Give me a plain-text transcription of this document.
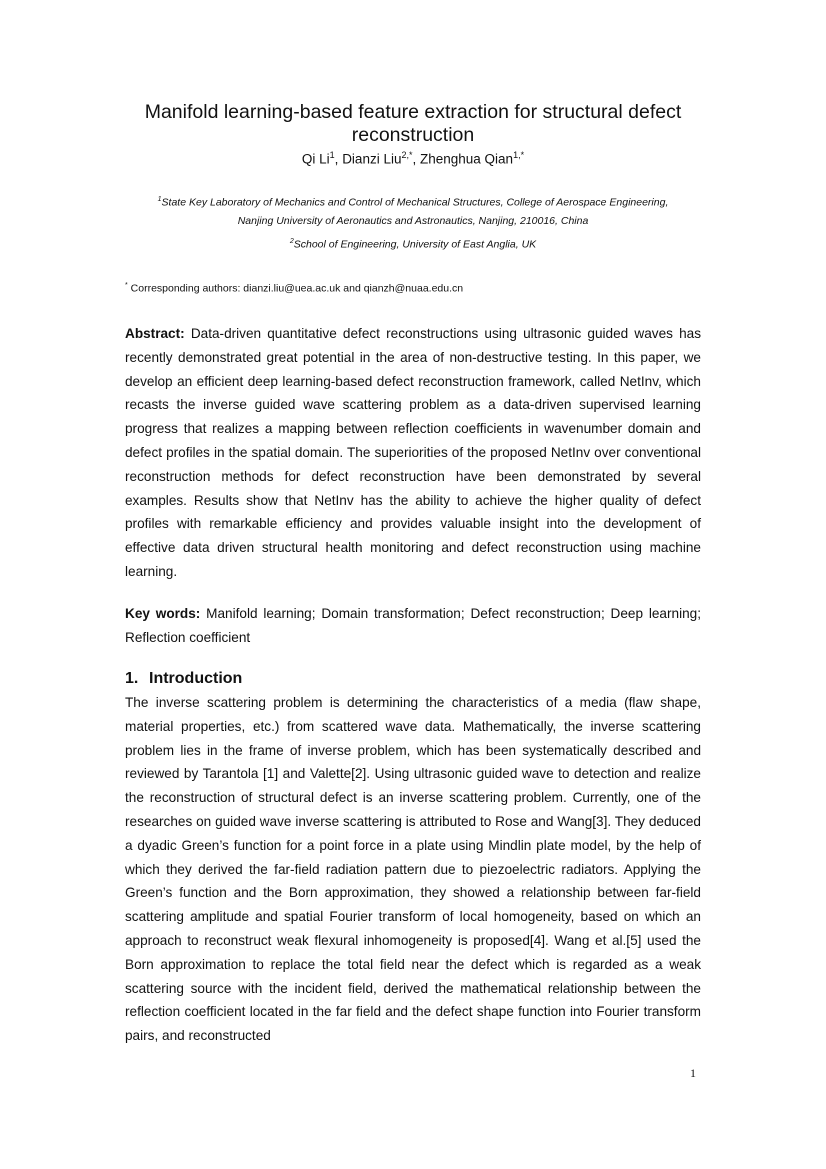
Manifold learning-based feature extraction for structural defect reconstruction
Qi Li$^1$, Dianzi Liu$^{2,*}$, Zhenghua Qian$^{1,*}$
$^1$State Key Laboratory of Mechanics and Control of Mechanical Structures, College of Aerospace Engineering,
Nanjing University of Aeronautics and Astronautics, Nanjing, 210016, China
$^2$School of Engineering, University of East Anglia, UK
* Corresponding authors: dianzi.liu@uea.ac.uk and qianzh@nuaa.edu.cn

Abstract: Data-driven quantitative defect reconstructions using ultrasonic guided waves has recently demonstrated great potential in the area of non-destructive testing. In this paper, we develop an efficient deep learning-based defect reconstruction framework, called NetInv, which recasts the inverse guided wave scattering problem as a data-driven supervised learning progress that realizes a mapping between reflection coefficients in wavenumber domain and defect profiles in the spatial domain. The superiorities of the proposed NetInv over conventional reconstruction methods for defect reconstruction have been demonstrated by several examples. Results show that NetInv has the ability to achieve the higher quality of defect profiles with remarkable efficiency and provides valuable insight into the development of effective data driven structural health monitoring and defect reconstruction using machine learning.

Key words: Manifold learning; Domain transformation; Defect reconstruction; Deep learning; Reflection coefficient

1. Introduction

The inverse scattering problem is determining the characteristics of a media (flaw shape, material properties, etc.) from scattered wave data. Mathematically, the inverse scattering problem lies in the frame of inverse problem, which has been systematically described and reviewed by Tarantola [1] and Valette[2]. Using ultrasonic guided wave to detection and realize the reconstruction of structural defect is an inverse scattering problem. Currently, one of the researches on guided wave inverse scattering is attributed to Rose and Wang[3]. They deduced a dyadic Green’s function for a point force in a plate using Mindlin plate model, by the help of which they derived the far-field radiation pattern due to piezoelectric radiators. Applying the Green’s function and the Born approximation, they showed a relationship between far-field scattering amplitude and spatial Fourier transform of local homogeneity, based on which an approach to reconstruct weak flexural inhomogeneity is proposed[4]. Wang et al.[5] used the Born approximation to replace the total field near the defect which is regarded as a weak scattering source with the incident field, derived the mathematical relationship between the reflection coefficient located in the far field and the defect shape function into Fourier transform pairs, and reconstructed

1
